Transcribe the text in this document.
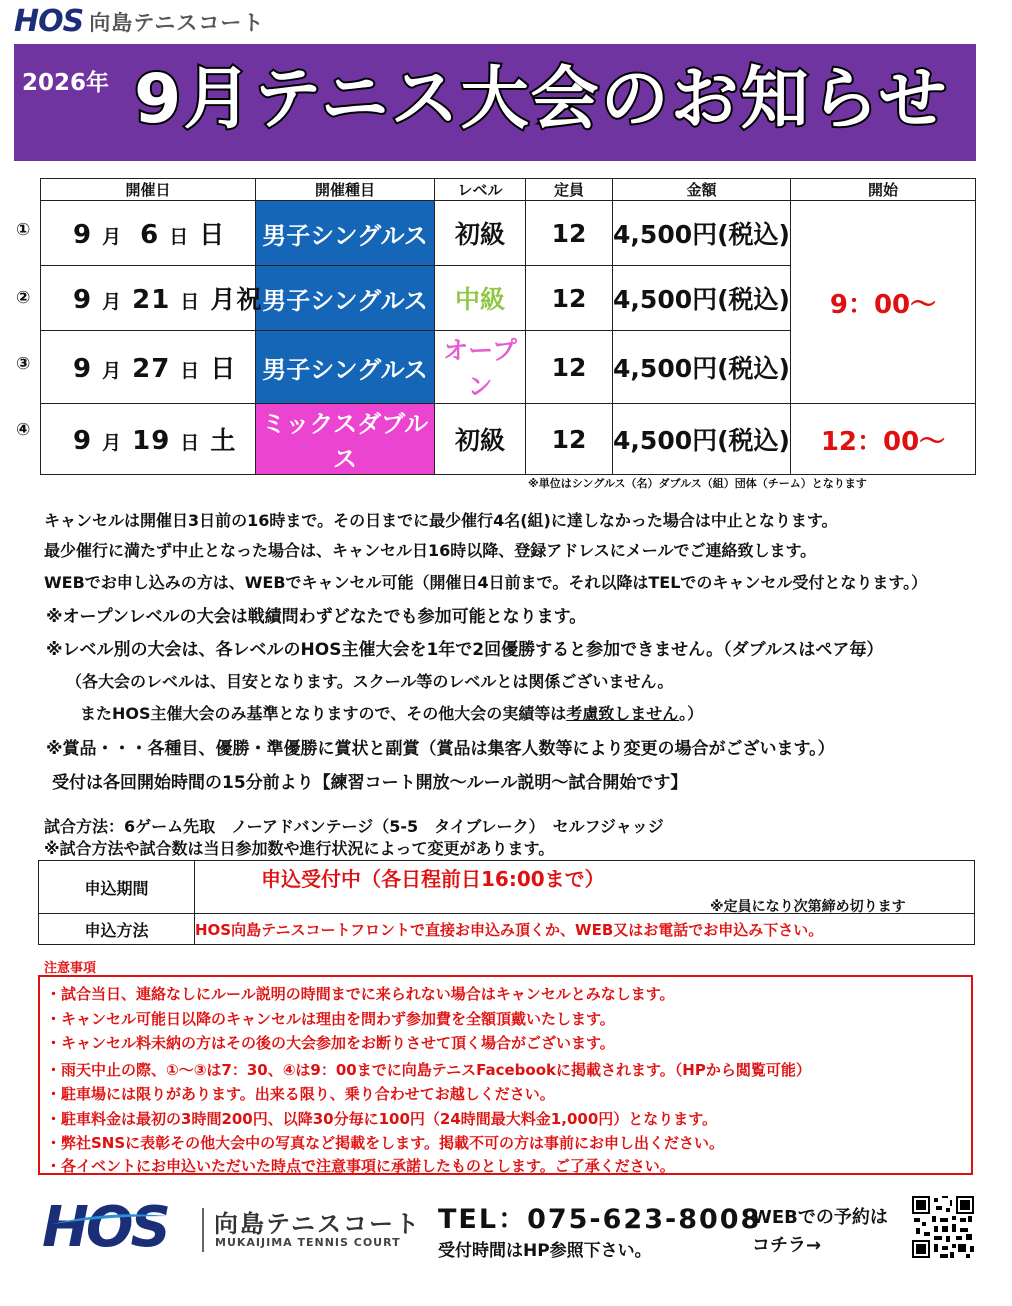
HOS 向島テニスコート
2026年 9月テニス大会のお知らせ
①
②
③
④
開催日	開催種目	レベル	定員	金額	開始
9 月 6 日 日	男子シングルス	初級	12	4,500円(税込)	9：00～
9 月 21 日 月祝	男子シングルス	中級	12	4,500円(税込)	
9 月 27 日 日	男子シングルス	オープン	12	4,500円(税込)	
9 月 19 日 土	ミックスダブルス	初級	12	4,500円(税込)	12：00～
※単位はシングルス（名）ダブルス（組）団体（チーム）となります
キャンセルは開催日3日前の16時まで。その日までに最少催行4名(組)に達しなかった場合は中止となります。
最少催行に満たず中止となった場合は、キャンセル日16時以降、登録アドレスにメールでご連絡致します。
WEBでお申し込みの方は、WEBでキャンセル可能（開催日4日前まで。それ以降はTELでのキャンセル受付となります。）
※オープンレベルの大会は戦績問わずどなたでも参加可能となります。
※レベル別の大会は、各レベルのHOS主催大会を1年で2回優勝すると参加できません。（ダブルスはペア毎）
（各大会のレベルは、目安となります。スクール等のレベルとは関係ございません。
またHOS主催大会のみ基準となりますので、その他大会の実績等は考慮致しません。）
※賞品・・・各種目、優勝・準優勝に賞状と副賞（賞品は集客人数等により変更の場合がございます。）
受付は各回開始時間の15分前より【練習コート開放～ルール説明～試合開始です】
試合方法：6ゲーム先取　ノーアドバンテージ（5-5　タイブレーク）　セルフジャッジ
※試合方法や試合数は当日参加数や進行状況によって変更があります。
申込期間	申込受付中（各日程前日16:00まで）
申込方法	HOS向島テニスコートフロントで直接お申込み頂くか、WEB又はお電話でお申込み下さい。
※定員になり次第締め切ります
注意事項
・試合当日、連絡なしにルール説明の時間までに来られない場合はキャンセルとみなします。
・キャンセル可能日以降のキャンセルは理由を問わず参加費を全額頂戴いたします。
・キャンセル料未納の方はその後の大会参加をお断りさせて頂く場合がございます。
・雨天中止の際、①～③は7：30、④は9：00までに向島テニスFacebookに掲載されます。（HPから閲覧可能）
・駐車場には限りがあります。出来る限り、乗り合わせてお越しください。
・駐車料金は最初の3時間200円、以降30分毎に100円（24時間最大料金1,000円）となります。
・弊社SNSに表彰その他大会中の写真など掲載をします。掲載不可の方は事前にお申し出ください。
・各イベントにお申込いただいた時点で注意事項に承諾したものとします。ご了承ください。
HOS 向島テニスコート
MUKAIJIMA TENNIS COURT
TEL：075-623-8008
受付時間はHP参照下さい。
WEBでの予約は
コチラ→
